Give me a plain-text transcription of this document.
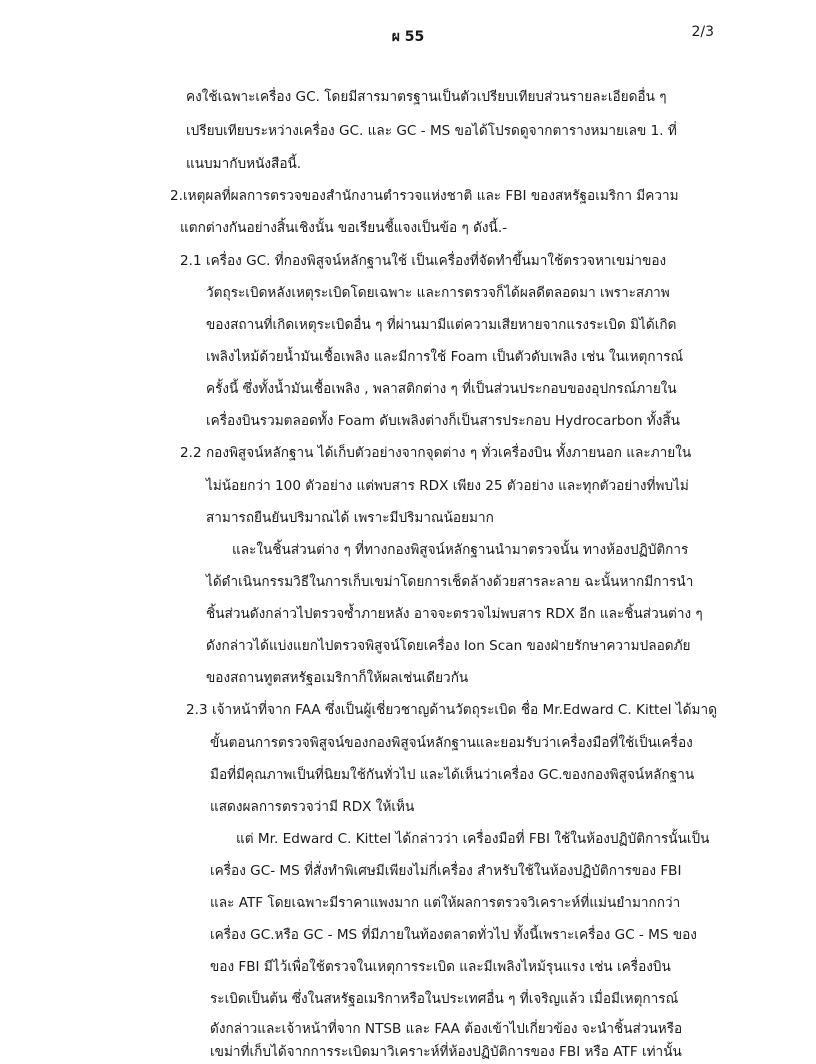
ผ 55	2/3
คงใช้เฉพาะเครื่อง GC. โดยมีสารมาตรฐานเป็นตัวเปรียบเทียบส่วนรายละเอียดอื่น ๆ
เปรียบเทียบระหว่างเครื่อง GC. และ GC - MS ขอได้โปรดดูจากตารางหมายเลข 1. ที่
แนบมากับหนังสือนี้.
2.เหตุผลที่ผลการตรวจของสำนักงานตำรวจแห่งชาติ และ FBI ของสหรัฐอเมริกา มีความ
แตกต่างกันอย่างสิ้นเชิงนั้น ขอเรียนชี้แจงเป็นข้อ ๆ ดังนี้.-
2.1 เครื่อง GC. ที่กองพิสูจน์หลักฐานใช้ เป็นเครื่องที่จัดทำขึ้นมาใช้ตรวจหาเขม่าของ
วัตถุระเบิดหลังเหตุระเบิดโดยเฉพาะ และการตรวจก็ได้ผลดีตลอดมา เพราะสภาพ
ของสถานที่เกิดเหตุระเบิดอื่น ๆ ที่ผ่านมามีแต่ความเสียหายจากแรงระเบิด มิได้เกิด
เพลิงไหม้ด้วยน้ำมันเชื้อเพลิง และมีการใช้ Foam เป็นตัวดับเพลิง เช่น ในเหตุการณ์
ครั้งนี้ ซึ่งทั้งน้ำมันเชื้อเพลิง , พลาสติกต่าง ๆ ที่เป็นส่วนประกอบของอุปกรณ์ภายใน
เครื่องบินรวมตลอดทั้ง Foam ดับเพลิงต่างก็เป็นสารประกอบ Hydrocarbon ทั้งสิ้น
2.2 กองพิสูจน์หลักฐาน ได้เก็บตัวอย่างจากจุดต่าง ๆ ทั่วเครื่องบิน ทั้งภายนอก และภายใน
ไม่น้อยกว่า 100 ตัวอย่าง แต่พบสาร RDX เพียง 25 ตัวอย่าง และทุกตัวอย่างที่พบไม่
สามารถยืนยันปริมาณได้ เพราะมีปริมาณน้อยมาก
และในชิ้นส่วนต่าง ๆ ที่ทางกองพิสูจน์หลักฐานนำมาตรวจนั้น ทางห้องปฏิบัติการ
ได้ดำเนินกรรมวิธีในการเก็บเขม่าโดยการเช็ดล้างด้วยสารละลาย ฉะนั้นหากมีการนำ
ชิ้นส่วนดังกล่าวไปตรวจซ้ำภายหลัง อาจจะตรวจไม่พบสาร RDX อีก และชิ้นส่วนต่าง ๆ
ดังกล่าวได้แบ่งแยกไปตรวจพิสูจน์โดยเครื่อง Ion Scan ของฝ่ายรักษาความปลอดภัย
ของสถานทูตสหรัฐอเมริกาก็ให้ผลเช่นเดียวกัน
2.3 เจ้าหน้าที่จาก FAA ซึ่งเป็นผู้เชี่ยวชาญด้านวัตถุระเบิด ชื่อ Mr.Edward C. Kittel ได้มาดู
ขั้นตอนการตรวจพิสูจน์ของกองพิสูจน์หลักฐานและยอมรับว่าเครื่องมือที่ใช้เป็นเครื่อง
มือที่มีคุณภาพเป็นที่นิยมใช้กันทั่วไป และได้เห็นว่าเครื่อง GC.ของกองพิสูจน์หลักฐาน
แสดงผลการตรวจว่ามี RDX ให้เห็น
แต่ Mr. Edward C. Kittel ได้กล่าวว่า เครื่องมือที่ FBI ใช้ในห้องปฏิบัติการนั้นเป็น
เครื่อง GC- MS ที่สั่งทำพิเศษมีเพียงไม่กี่เครื่อง สำหรับใช้ในห้องปฏิบัติการของ FBI
และ ATF โดยเฉพาะมีราคาแพงมาก แต่ให้ผลการตรวจวิเคราะห์ที่แม่นยำมากกว่า
เครื่อง GC.หรือ GC - MS ที่มีภายในท้องตลาดทั่วไป ทั้งนี้เพราะเครื่อง GC - MS ของ
ของ FBI มีไว้เพื่อใช้ตรวจในเหตุการระเบิด และมีเพลิงไหม้รุนแรง เช่น เครื่องบิน
ระเบิดเป็นต้น ซึ่งในสหรัฐอเมริกาหรือในประเทศอื่น ๆ ที่เจริญแล้ว เมื่อมีเหตุการณ์
ดังกล่าวและเจ้าหน้าที่จาก NTSB และ FAA ต้องเข้าไปเกี่ยวข้อง จะนำชิ้นส่วนหรือ
เขม่าที่เก็บได้จากการระเบิดมาวิเคราะห์ที่ห้องปฏิบัติการของ FBI หรือ ATF เท่านั้น
